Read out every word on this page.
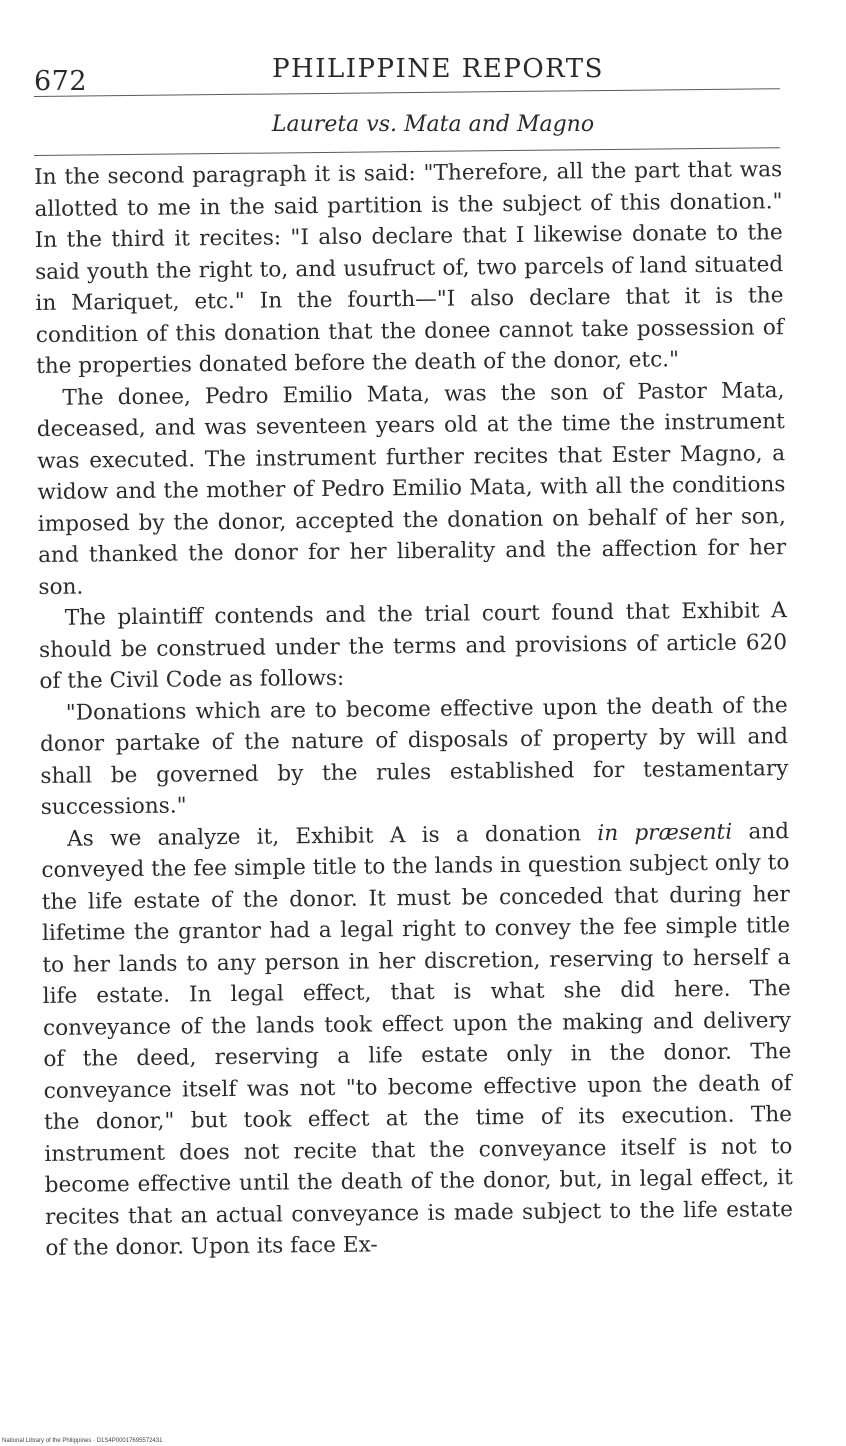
672	PHILIPPINE REPORTS
Laureta vs. Mata and Magno

In the second paragraph it is said: "Therefore, all the part that was allotted to me in the said partition is the subject of this donation." In the third it recites: "I also declare that I likewise donate to the said youth the right to, and usufruct of, two parcels of land situated in Mariquet, etc." In the fourth—"I also declare that it is the condition of this donation that the donee cannot take possession of the properties donated before the death of the donor, etc."

The donee, Pedro Emilio Mata, was the son of Pastor Mata, deceased, and was seventeen years old at the time the instrument was executed. The instrument further recites that Ester Magno, a widow and the mother of Pedro Emilio Mata, with all the conditions imposed by the donor, accepted the donation on behalf of her son, and thanked the donor for her liberality and the affection for her son.

The plaintiff contends and the trial court found that Exhibit A should be construed under the terms and provisions of article 620 of the Civil Code as follows:

"Donations which are to become effective upon the death of the donor partake of the nature of disposals of property by will and shall be governed by the rules established for testamentary successions."

As we analyze it, Exhibit A is a donation in præsenti and conveyed the fee simple title to the lands in question subject only to the life estate of the donor. It must be conceded that during her lifetime the grantor had a legal right to convey the fee simple title to her lands to any person in her discretion, reserving to herself a life estate. In legal effect, that is what she did here. The conveyance of the lands took effect upon the making and delivery of the deed, reserving a life estate only in the donor. The conveyance itself was not "to become effective upon the death of the donor," but took effect at the time of its execution. The instrument does not recite that the conveyance itself is not to become effective until the death of the donor, but, in legal effect, it recites that an actual conveyance is made subject to the life estate of the donor. Upon its face Ex-

National Library of the Philippines · D1S4P00017695572431
